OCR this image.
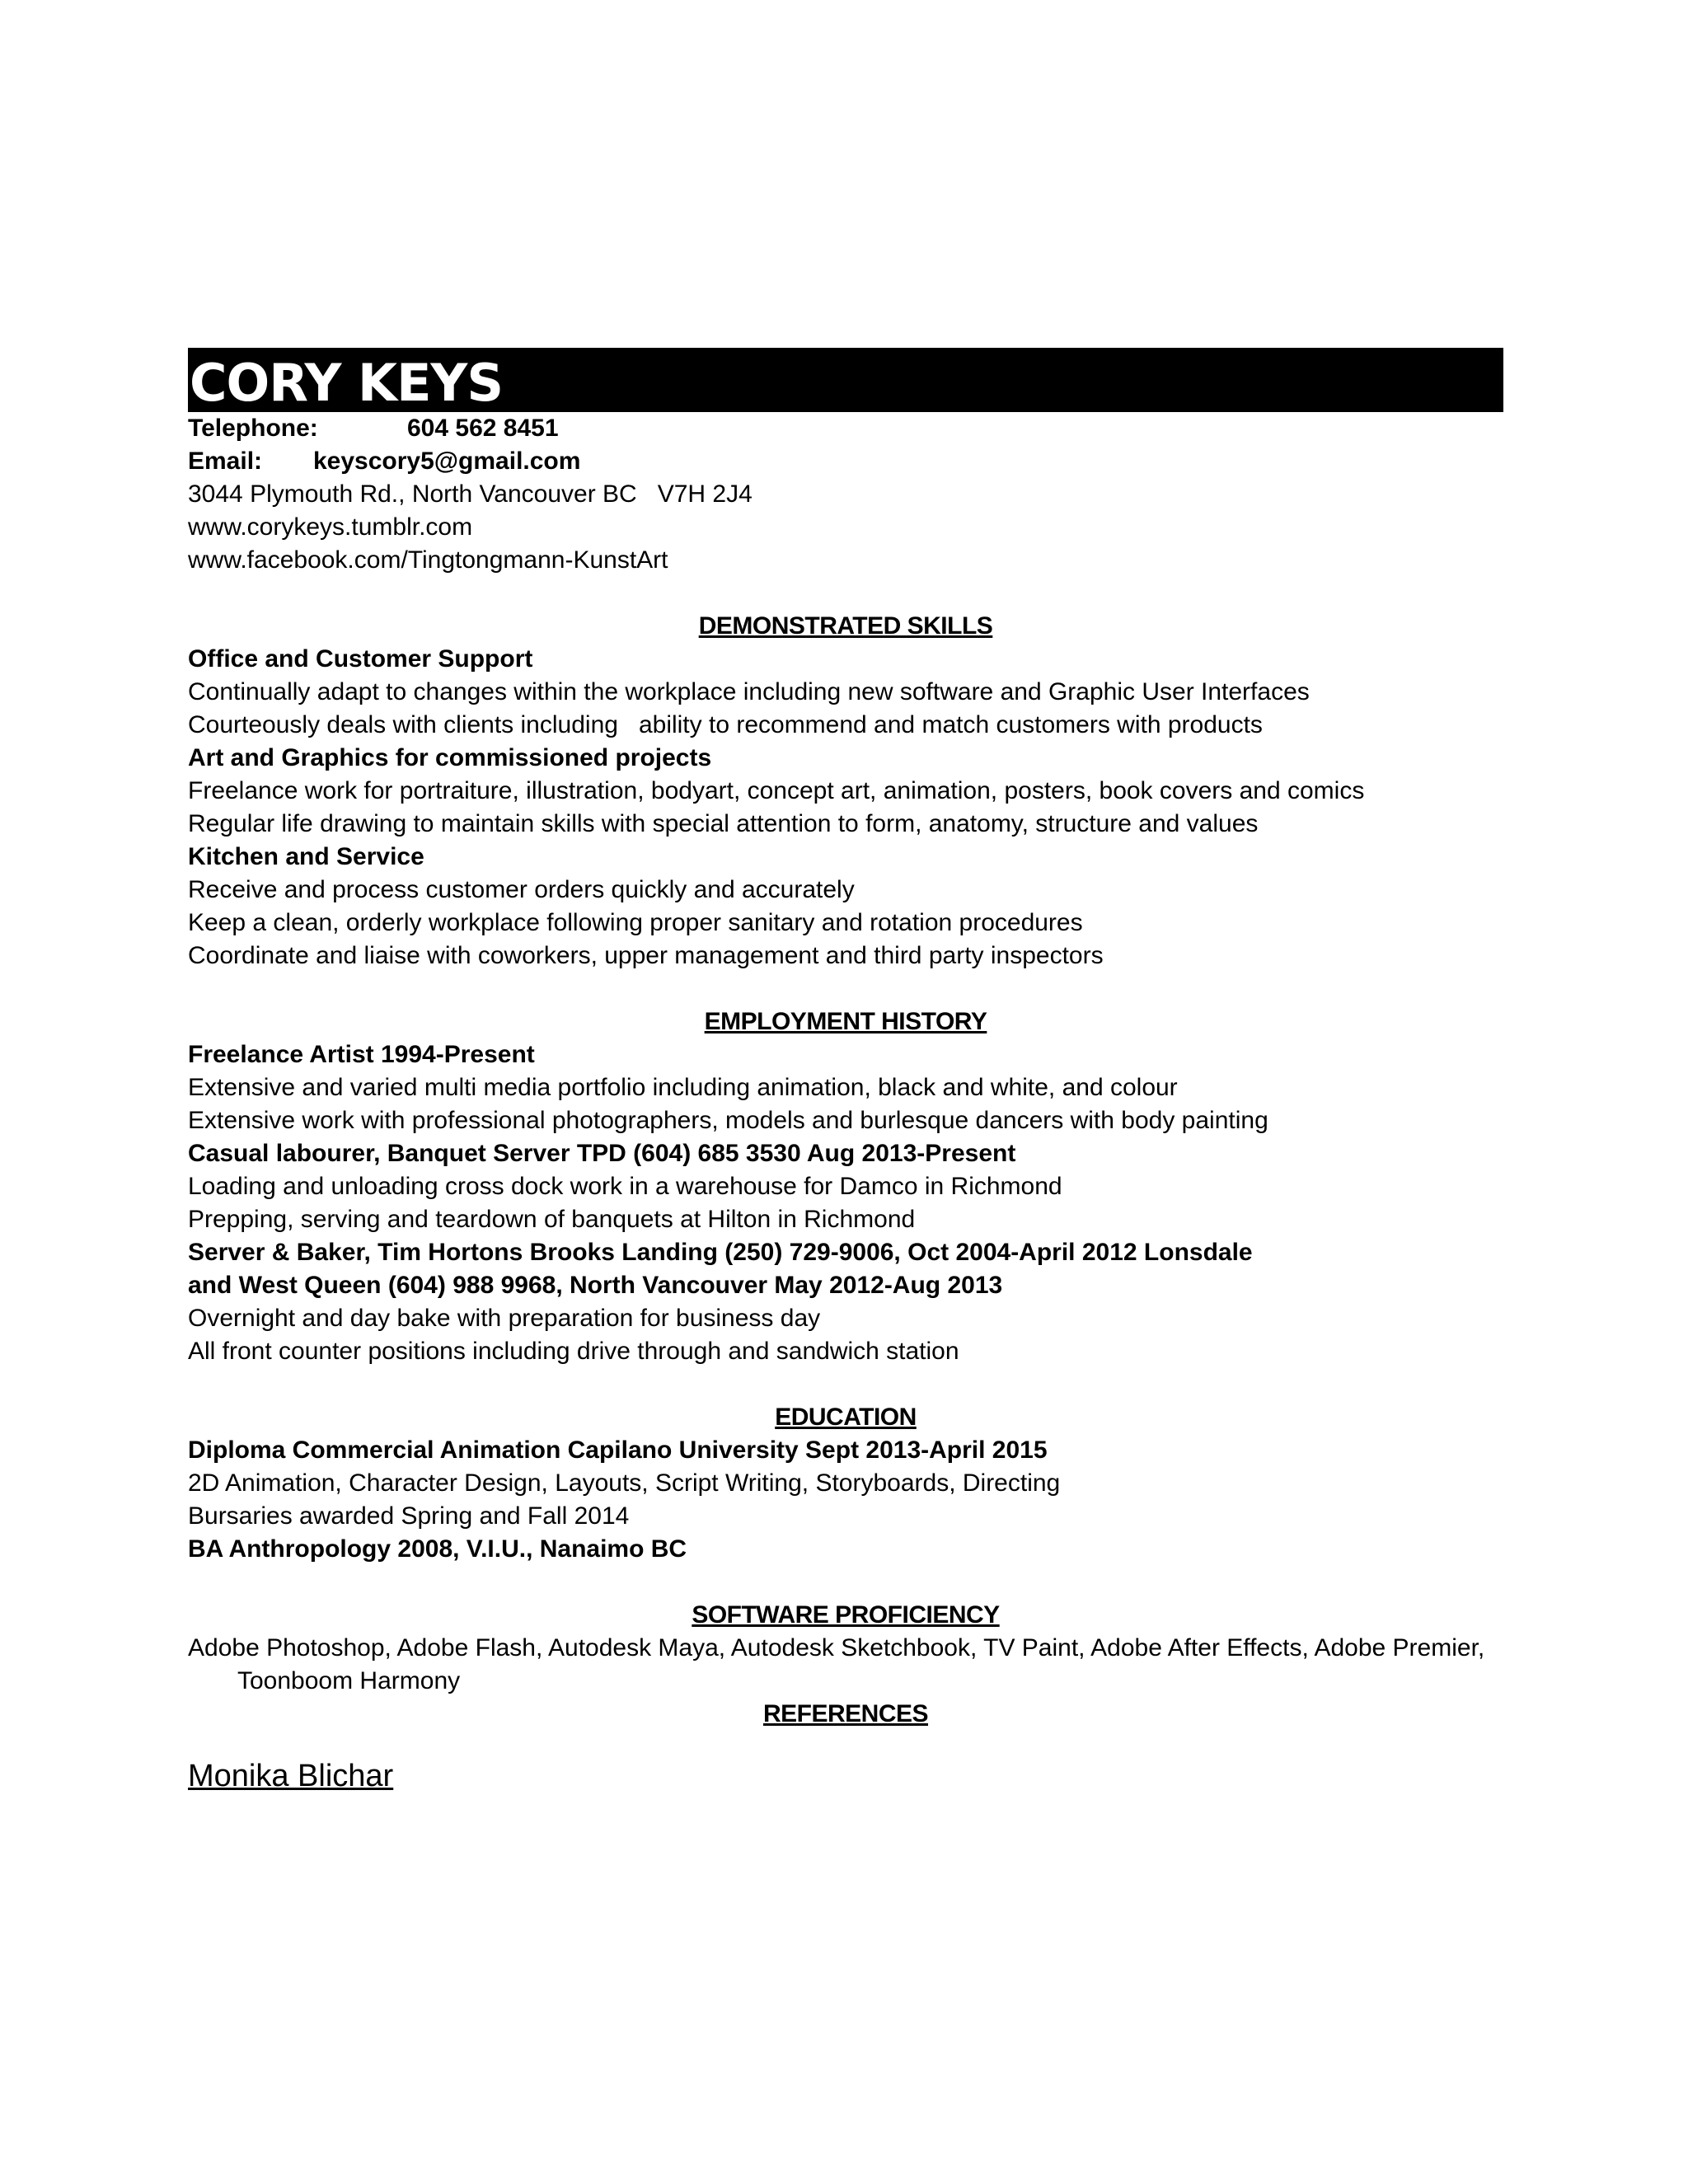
CORY KEYS
Telephone:	604 562 8451
Email: keyscory5@gmail.com
3044 Plymouth Rd., North Vancouver BC   V7H 2J4
www.corykeys.tumblr.com
www.facebook.com/Tingtongmann-KunstArt
DEMONSTRATED SKILLS
Office and Customer Support
Continually adapt to changes within the workplace including new software and Graphic User Interfaces
Courteously deals with clients including   ability to recommend and match customers with products
Art and Graphics for commissioned projects
Freelance work for portraiture, illustration, bodyart, concept art, animation, posters, book covers and comics
Regular life drawing to maintain skills with special attention to form, anatomy, structure and values
Kitchen and Service
Receive and process customer orders quickly and accurately
Keep a clean, orderly workplace following proper sanitary and rotation procedures
Coordinate and liaise with coworkers, upper management and third party inspectors
EMPLOYMENT HISTORY
Freelance Artist 1994-Present
Extensive and varied multi media portfolio including animation, black and white, and colour
Extensive work with professional photographers, models and burlesque dancers with body painting
Casual labourer, Banquet Server TPD (604) 685 3530 Aug 2013-Present
Loading and unloading cross dock work in a warehouse for Damco in Richmond
Prepping, serving and teardown of banquets at Hilton in Richmond
Server & Baker, Tim Hortons Brooks Landing (250) 729-9006, Oct 2004-April 2012 Lonsdale
and West Queen (604) 988 9968, North Vancouver May 2012-Aug 2013
Overnight and day bake with preparation for business day
All front counter positions including drive through and sandwich station
EDUCATION
Diploma Commercial Animation Capilano University Sept 2013-April 2015
2D Animation, Character Design, Layouts, Script Writing, Storyboards, Directing
Bursaries awarded Spring and Fall 2014
BA Anthropology 2008, V.I.U., Nanaimo BC
SOFTWARE PROFICIENCY
Adobe Photoshop, Adobe Flash, Autodesk Maya, Autodesk Sketchbook, TV Paint, Adobe After Effects, Adobe Premier, Toonboom Harmony
REFERENCES
Monika Blichar
